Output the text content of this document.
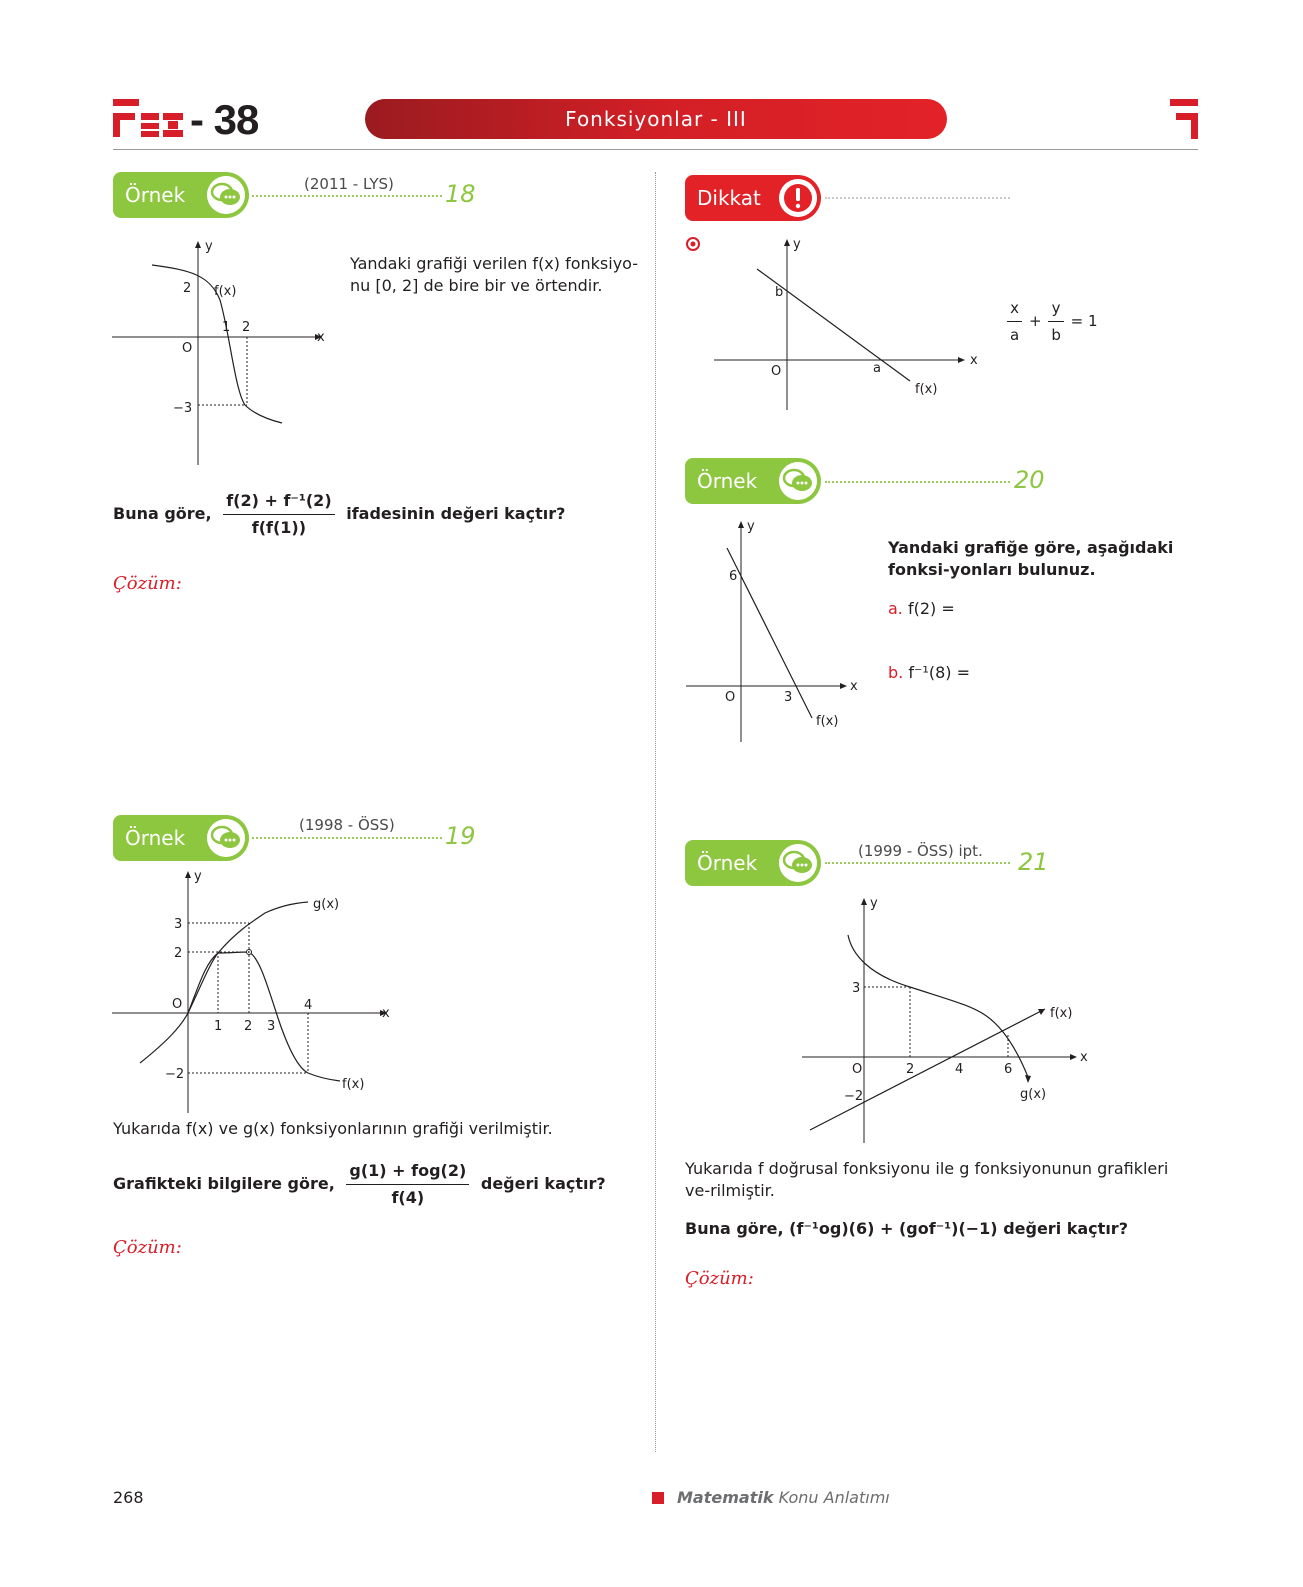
- 38	Fonksiyonlar - III
Örnek	(2011 - LYS) 18
y
x
O
2
−3
1 2
f(x)
Yandaki grafiği verilen f(x) fonksiyo-nu [0, 2] de bire bir ve örtendir.
Buna göre, $\frac{\text{f(2) + f⁻¹(2)}}{f(f(1))}$ ifadesinin değeri kaçtır?
Çözüm:
Örnek
(1998 - ÖSS) 19
y
x
O
3
2
−2
1 2 3
4
g(x)
f(x)
Yukarıda f(x) ve g(x) fonksiyonlarının grafiği verilmiştir.
Grafikteki bilgilere göre, $\frac{\text{g(1) + fog(2)}}{f(4)}$ değeri kaçtır?
Çözüm:
Dikkat
y
x
O
b
a
f(x)
$\frac{x}{a} + \frac{y}{b} = 1$
Örnek	20
y
x
O
6
3
f(x)
Yandaki grafiğe göre, aşağıdaki fonksi-yonları bulunuz.
a. f(2) =
b. f⁻¹(8) =
Örnek	(1999 - ÖSS) ipt. 21
y
x
O
3
−2
2	4	6
f(x)
g(x)
Yukarıda f doğrusal fonksiyonu ile g fonksiyonunun grafikleri ve-rilmiştir.
Buna göre, (f⁻¹og)(6) + (gof⁻¹)(−1) değeri kaçtır?
Çözüm:
268	Matematik Konu Anlatımı
